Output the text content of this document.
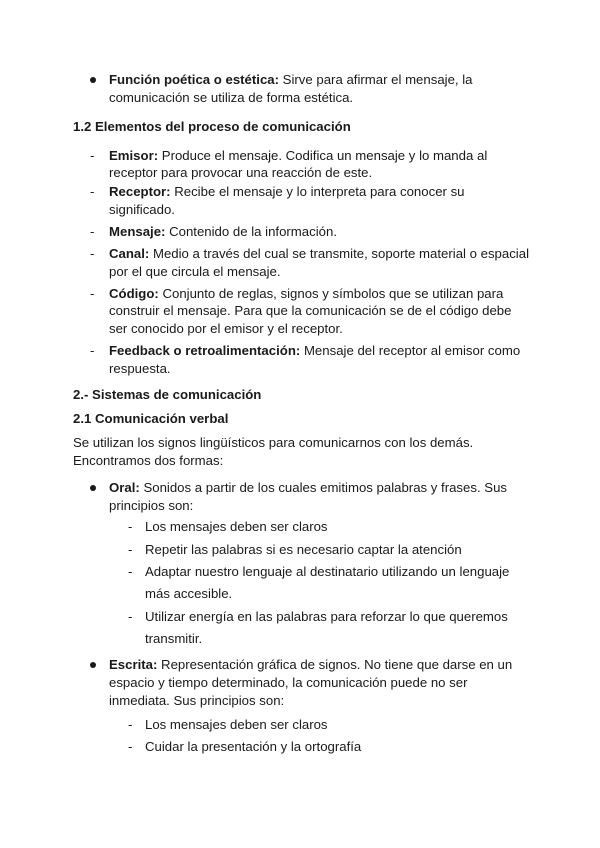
Función poética o estética: Sirve para afirmar el mensaje, la
comunicación se utiliza de forma estética.
1.2 Elementos del proceso de comunicación
- Emisor: Produce el mensaje. Codifica un mensaje y lo manda al
receptor para provocar una reacción de este.
- Receptor: Recibe el mensaje y lo interpreta para conocer su
significado.
- Mensaje: Contenido de la información.
- Canal: Medio a través del cual se transmite, soporte material o espacial
por el que circula el mensaje.
- Código: Conjunto de reglas, signos y símbolos que se utilizan para
construir el mensaje. Para que la comunicación se de el código debe
ser conocido por el emisor y el receptor.
- Feedback o retroalimentación: Mensaje del receptor al emisor como
respuesta.
2.- Sistemas de comunicación
2.1 Comunicación verbal
Se utilizan los signos lingüísticos para comunicarnos con los demás.
Encontramos dos formas:
Oral: Sonidos a partir de los cuales emitimos palabras y frases. Sus
principios son:
- Los mensajes deben ser claros
- Repetir las palabras si es necesario captar la atención
- Adaptar nuestro lenguaje al destinatario utilizando un lenguaje
más accesible.
- Utilizar energía en las palabras para reforzar lo que queremos
transmitir.
Escrita: Representación gráfica de signos. No tiene que darse en un
espacio y tiempo determinado, la comunicación puede no ser
inmediata. Sus principios son:
- Los mensajes deben ser claros
- Cuidar la presentación y la ortografía
